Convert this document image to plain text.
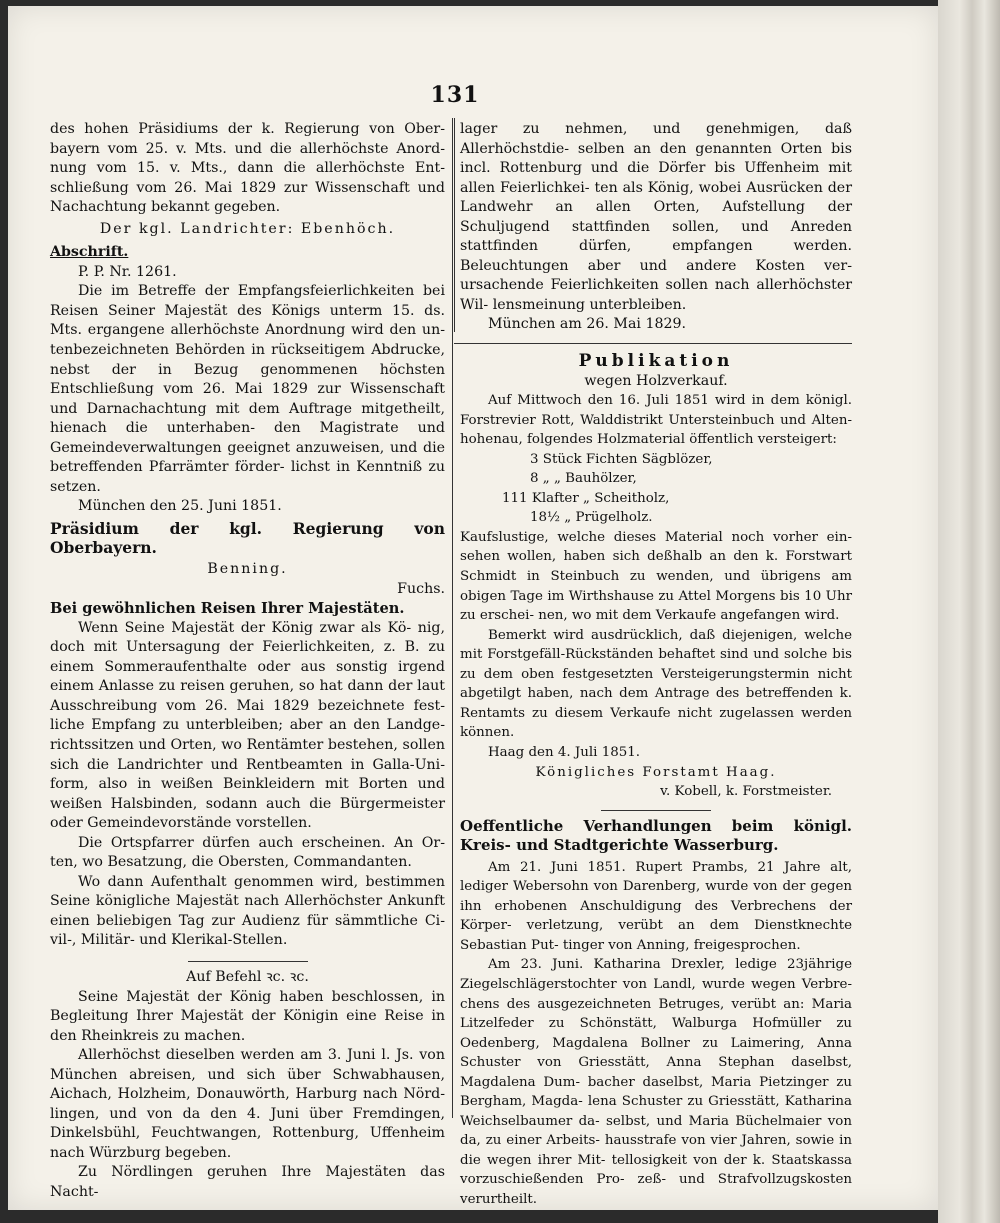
131

des hohen Präsidiums der k. Regierung von Ober- bayern vom 25. v. Mts. und die allerhöchste Anord- nung vom 15. v. Mts., dann die allerhöchste Ent- schließung vom 26. Mai 1829 zur Wissenschaft und Nachachtung bekannt gegeben.

Der kgl. Landrichter: Ebenhöch.

Abschrift.

P. P. Nr. 1261.

Die im Betreffe der Empfangsfeierlichkeiten bei Reisen Seiner Majestät des Königs unterm 15. ds. Mts. ergangene allerhöchste Anordnung wird den un- tenbezeichneten Behörden in rückseitigem Abdrucke, nebst der in Bezug genommenen höchsten Entschließung vom 26. Mai 1829 zur Wissenschaft und Darnachachtung mit dem Auftrage mitgetheilt, hienach die unterhaben- den Magistrate und Gemeindeverwaltungen geeignet anzuweisen, und die betreffenden Pfarrämter förder- lichst in Kenntniß zu setzen.

München den 25. Juni 1851.

Präsidium der kgl. Regierung von Oberbayern.

Benning.

Fuchs.

Bei gewöhnlichen Reisen Ihrer Majestäten.

Wenn Seine Majestät der König zwar als Kö- nig, doch mit Untersagung der Feierlichkeiten, z. B. zu einem Sommeraufenthalte oder aus sonstig irgend einem Anlasse zu reisen geruhen, so hat dann der laut Ausschreibung vom 26. Mai 1829 bezeichnete fest- liche Empfang zu unterbleiben; aber an den Landge- richtssitzen und Orten, wo Rentämter bestehen, sollen sich die Landrichter und Rentbeamten in Galla-Uni- form, also in weißen Beinkleidern mit Borten und weißen Halsbinden, sodann auch die Bürgermeister oder Gemeindevorstände vorstellen.

Die Ortspfarrer dürfen auch erscheinen. An Or- ten, wo Besatzung, die Obersten, Commandanten.

Wo dann Aufenthalt genommen wird, bestimmen Seine königliche Majestät nach Allerhöchster Ankunft einen beliebigen Tag zur Audienz für sämmtliche Ci- vil-, Militär- und Klerikal-Stellen.

Auf Befehl ꝛc. ꝛc.

Seine Majestät der König haben beschlossen, in Begleitung Ihrer Majestät der Königin eine Reise in den Rheinkreis zu machen.

Allerhöchst dieselben werden am 3. Juni l. Js. von München abreisen, und sich über Schwabhausen, Aichach, Holzheim, Donauwörth, Harburg nach Nörd- lingen, und von da den 4. Juni über Fremdingen, Dinkelsbühl, Feuchtwangen, Rottenburg, Uffenheim nach Würzburg begeben.

Zu Nördlingen geruhen Ihre Majestäten das Nacht-

lager zu nehmen, und genehmigen, daß Allerhöchstdie- selben an den genannten Orten bis incl. Rottenburg und die Dörfer bis Uffenheim mit allen Feierlichkei- ten als König, wobei Ausrücken der Landwehr an allen Orten, Aufstellung der Schuljugend stattfinden sollen, und Anreden stattfinden dürfen, empfangen werden. Beleuchtungen aber und andere Kosten ver- ursachende Feierlichkeiten sollen nach allerhöchster Wil- lensmeinung unterbleiben.

München am 26. Mai 1829.

Publikation

wegen Holzverkauf.

Auf Mittwoch den 16. Juli 1851 wird in dem königl. Forstrevier Rott, Walddistrikt Untersteinbuch und Alten- hohenau, folgendes Holzmaterial öffentlich versteigert:

3 Stück Fichten Sägblözer,

8 „ „ Bauhölzer,

111 Klafter „ Scheitholz,

18½ „ Prügelholz.

Kaufslustige, welche dieses Material noch vorher ein- sehen wollen, haben sich deßhalb an den k. Forstwart Schmidt in Steinbuch zu wenden, und übrigens am obigen Tage im Wirthshause zu Attel Morgens bis 10 Uhr zu erschei- nen, wo mit dem Verkaufe angefangen wird.

Bemerkt wird ausdrücklich, daß diejenigen, welche mit Forstgefäll-Rückständen behaftet sind und solche bis zu dem oben festgesetzten Versteigerungstermin nicht abgetilgt haben, nach dem Antrage des betreffenden k. Rentamts zu diesem Verkaufe nicht zugelassen werden können.

Haag den 4. Juli 1851.

Königliches Forstamt Haag.

v. Kobell, k. Forstmeister.

Oeffentliche Verhandlungen beim königl. Kreis- und Stadtgerichte Wasserburg.

Am 21. Juni 1851. Rupert Prambs, 21 Jahre alt, lediger Webersohn von Darenberg, wurde von der gegen ihn erhobenen Anschuldigung des Verbrechens der Körper- verletzung, verübt an dem Dienstknechte Sebastian Put- tinger von Anning, freigesprochen.

Am 23. Juni. Katharina Drexler, ledige 23jährige Ziegelschlägerstochter von Landl, wurde wegen Verbre- chens des ausgezeichneten Betruges, verübt an: Maria Litzelfeder zu Schönstätt, Walburga Hofmüller zu Oedenberg, Magdalena Bollner zu Laimering, Anna Schuster von Griesstätt, Anna Stephan daselbst, Magdalena Dum- bacher daselbst, Maria Pietzinger zu Bergham, Magda- lena Schuster zu Griesstätt, Katharina Weichselbaumer da- selbst, und Maria Büchelmaier von da, zu einer Arbeits- hausstrafe von vier Jahren, sowie in die wegen ihrer Mit- tellosigkeit von der k. Staatskassa vorzuschießenden Pro- zeß- und Strafvollzugskosten verurtheilt.
